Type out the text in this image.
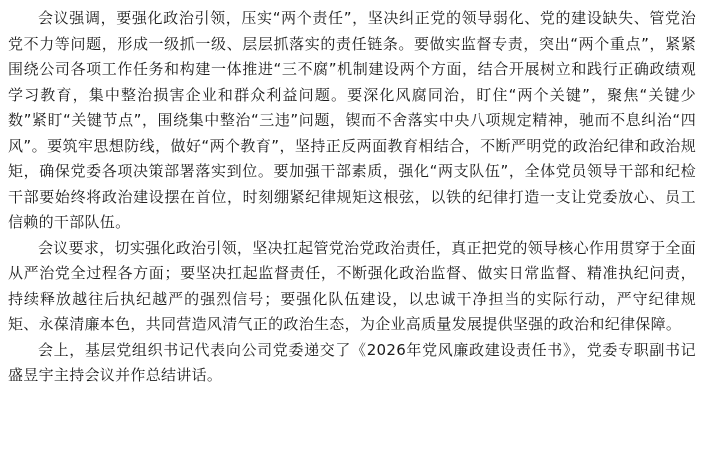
会议强调，要强化政治引领，压实“两个责任”，坚决纠正党的领导弱化、党的建设缺失、管党治党不力等问题，形成一级抓一级、层层抓落实的责任链条。要做实监督专责，突出“两个重点”，紧紧围绕公司各项工作任务和构建一体推进“三不腐”机制建设两个方面，结合开展树立和践行正确政绩观学习教育，集中整治损害企业和群众利益问题。要深化风腐同治，盯住“两个关键”，聚焦“关键少数”紧盯“关键节点”，围绕集中整治“三违”问题，锲而不舍落实中央八项规定精神，驰而不息纠治“四风”。要筑牢思想防线，做好“两个教育”，坚持正反两面教育相结合，不断严明党的政治纪律和政治规矩，确保党委各项决策部署落实到位。要加强干部素质，强化“两支队伍”，全体党员领导干部和纪检干部要始终将政治建设摆在首位，时刻绷紧纪律规矩这根弦，以铁的纪律打造一支让党委放心、员工信赖的干部队伍。

会议要求，切实强化政治引领，坚决扛起管党治党政治责任，真正把党的领导核心作用贯穿于全面从严治党全过程各方面；要坚决扛起监督责任，不断强化政治监督、做实日常监督、精准执纪问责，持续释放越往后执纪越严的强烈信号；要强化队伍建设，以忠诚干净担当的实际行动，严守纪律规矩、永葆清廉本色，共同营造风清气正的政治生态，为企业高质量发展提供坚强的政治和纪律保障。

会上，基层党组织书记代表向公司党委递交了《2026年党风廉政建设责任书》，党委专职副书记盛昱宇主持会议并作总结讲话。
